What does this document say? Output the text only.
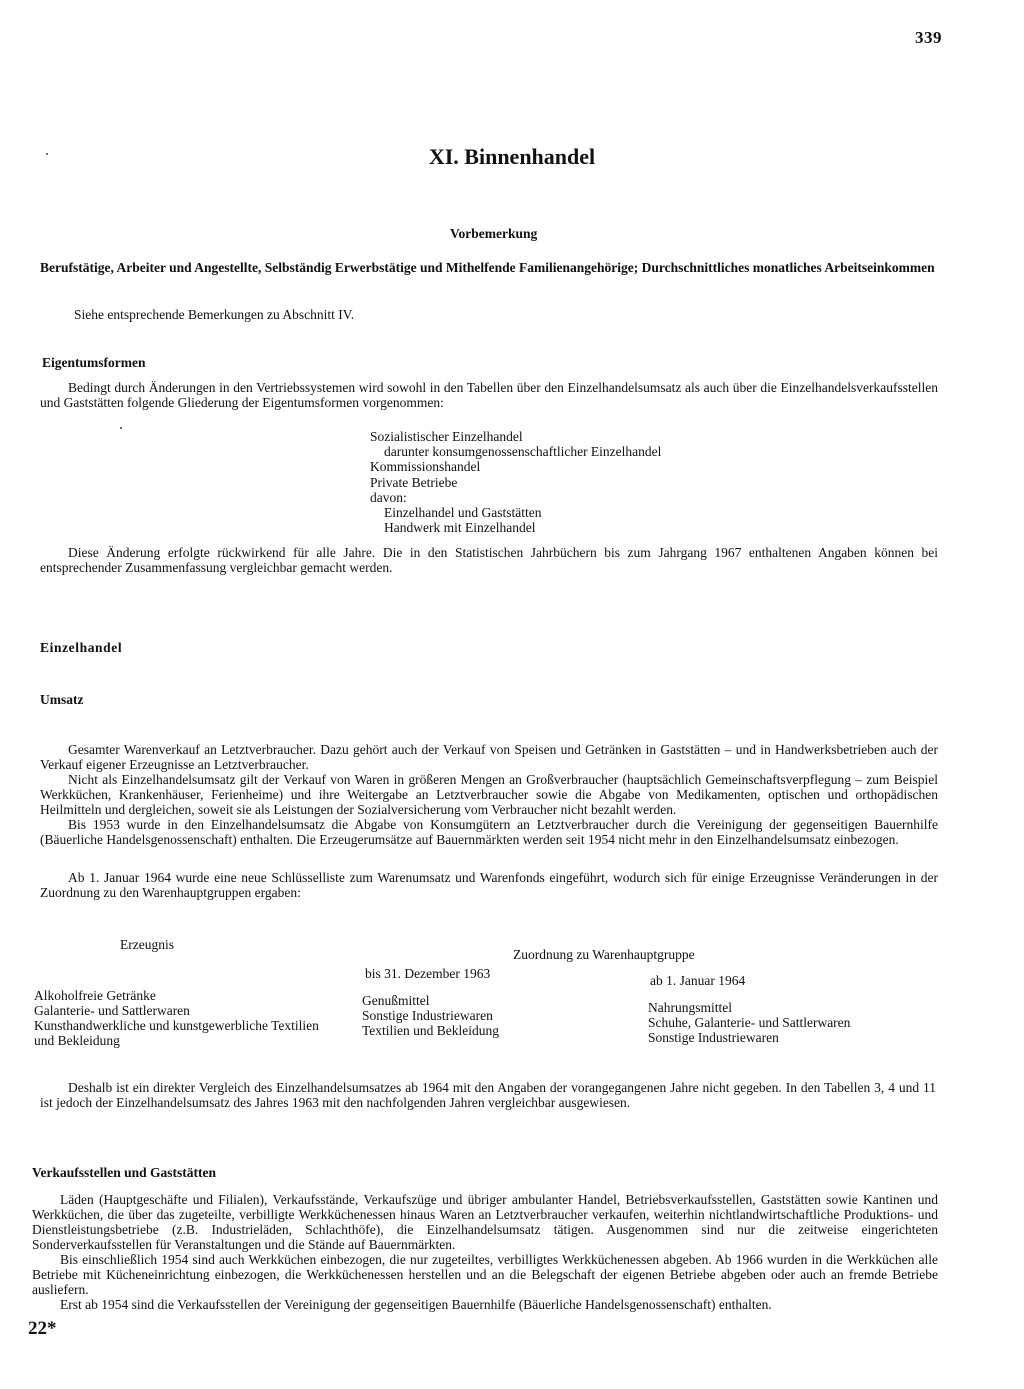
339
XI. Binnenhandel
Vorbemerkung
Berufstätige, Arbeiter und Angestellte, Selbständig Erwerbstätige und Mithelfende Familienangehörige; Durchschnittliches monatliches Arbeitseinkommen
Siehe entsprechende Bemerkungen zu Abschnitt IV.
Eigentumsformen
Bedingt durch Änderungen in den Vertriebssystemen wird sowohl in den Tabellen über den Einzelhandelsumsatz als auch über die Einzelhandelsverkaufsstellen und Gaststätten folgende Gliederung der Eigentumsformen vorgenommen:
Sozialistischer Einzelhandel
darunter konsumgenossenschaftlicher Einzelhandel
Kommissionshandel
Private Betriebe
davon:
Einzelhandel und Gaststätten
Handwerk mit Einzelhandel
Diese Änderung erfolgte rückwirkend für alle Jahre. Die in den Statistischen Jahrbüchern bis zum Jahrgang 1967 enthaltenen Angaben können bei entsprechender Zusammenfassung vergleichbar gemacht werden.
Einzelhandel
Umsatz
Gesamter Warenverkauf an Letztverbraucher. Dazu gehört auch der Verkauf von Speisen und Getränken in Gaststätten – und in Handwerksbetrieben auch der Verkauf eigener Erzeugnisse an Letztverbraucher.
Nicht als Einzelhandelsumsatz gilt der Verkauf von Waren in größeren Mengen an Großverbraucher (hauptsächlich Gemeinschaftsverpflegung – zum Beispiel Werkküchen, Krankenhäuser, Ferienheime) und ihre Weitergabe an Letztverbraucher sowie die Abgabe von Medikamenten, optischen und orthopädischen Heilmitteln und dergleichen, soweit sie als Leistungen der Sozialversicherung vom Verbraucher nicht bezahlt werden.
Bis 1953 wurde in den Einzelhandelsumsatz die Abgabe von Konsumgütern an Letztverbraucher durch die Vereinigung der gegenseitigen Bauernhilfe (Bäuerliche Handelsgenossenschaft) enthalten. Die Erzeugerumsätze auf Bauernmärkten werden seit 1954 nicht mehr in den Einzelhandelsumsatz einbezogen.
Ab 1. Januar 1964 wurde eine neue Schlüsselliste zum Warenumsatz und Warenfonds eingeführt, wodurch sich für einige Erzeugnisse Veränderungen in der Zuordnung zu den Warenhauptgruppen ergaben:
Erzeugnis
Zuordnung zu Warenhauptgruppe
bis 31. Dezember 1963	ab 1. Januar 1964
Alkoholfreie Getränke
Galanterie- und Sattlerwaren
Kunsthandwerkliche und kunstgewerbliche Textilien und Bekleidung
Genußmittel
Sonstige Industriewaren
Textilien und Bekleidung
Nahrungsmittel
Schuhe, Galanterie- und Sattlerwaren
Sonstige Industriewaren
Deshalb ist ein direkter Vergleich des Einzelhandelsumsatzes ab 1964 mit den Angaben der vorangegangenen Jahre nicht gegeben. In den Tabellen 3, 4 und 11 ist jedoch der Einzelhandelsumsatz des Jahres 1963 mit den nachfolgenden Jahren vergleichbar ausgewiesen.
Verkaufsstellen und Gaststätten
Läden (Hauptgeschäfte und Filialen), Verkaufsstände, Verkaufszüge und übriger ambulanter Handel, Betriebsverkaufsstellen, Gaststätten sowie Kantinen und Werkküchen, die über das zugeteilte, verbilligte Werkküchenessen hinaus Waren an Letztverbraucher verkaufen, weiterhin nichtlandwirtschaftliche Produktions- und Dienstleistungsbetriebe (z.B. Industrieläden, Schlachthöfe), die Einzelhandelsumsatz tätigen. Ausgenommen sind nur die zeitweise eingerichteten Sonderverkaufsstellen für Veranstaltungen und die Stände auf Bauernmärkten.
Bis einschließlich 1954 sind auch Werkküchen einbezogen, die nur zugeteiltes, verbilligtes Werkküchenessen abgeben. Ab 1966 wurden in die Werkküchen alle Betriebe mit Kücheneinrichtung einbezogen, die Werkküchenessen herstellen und an die Belegschaft der eigenen Betriebe abgeben oder auch an fremde Betriebe ausliefern.
Erst ab 1954 sind die Verkaufsstellen der Vereinigung der gegenseitigen Bauernhilfe (Bäuerliche Handelsgenossenschaft) enthalten.
22*
